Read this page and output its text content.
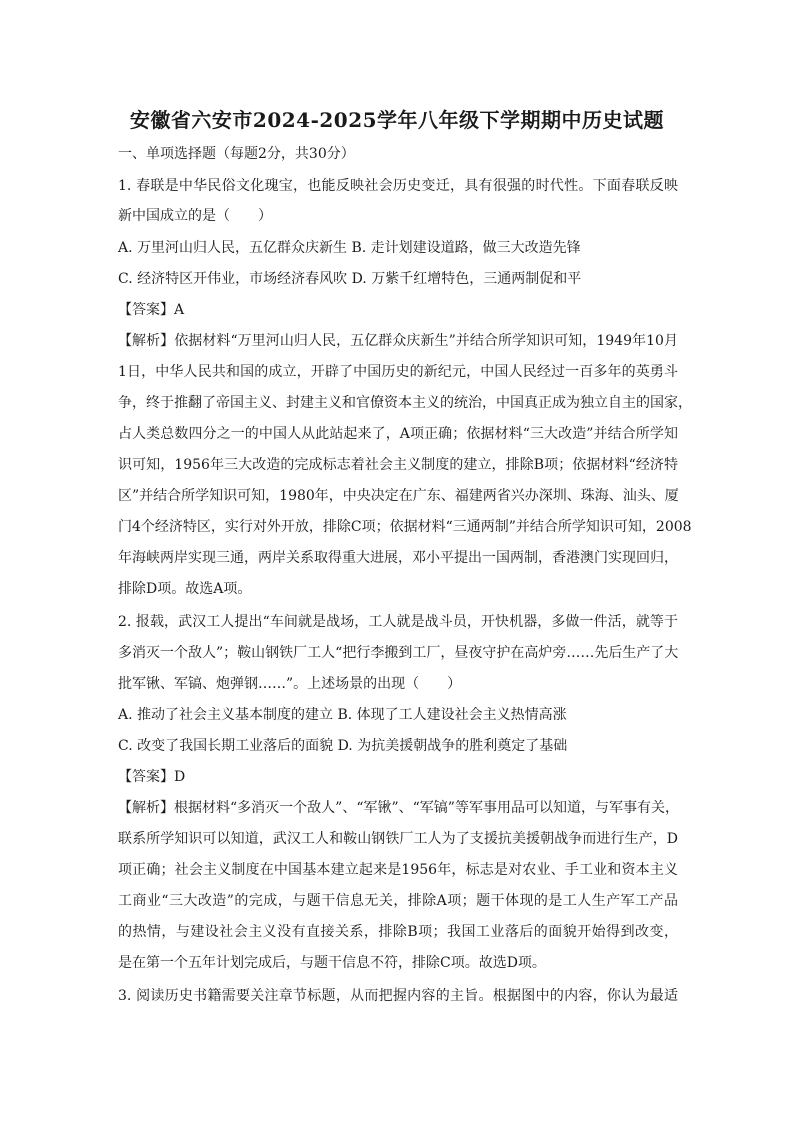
安徽省六安市2024-2025学年八年级下学期期中历史试题
一、单项选择题（每题2分，共30分）
1. 春联是中华民俗文化瑰宝，也能反映社会历史变迁，具有很强的时代性。下面春联反映
新中国成立的是（　　）
A. 万里河山归人民，五亿群众庆新生 B. 走计划建设道路，做三大改造先锋
C. 经济特区开伟业，市场经济春风吹 D. 万紫千红增特色，三通两制促和平
【答案】A
【解析】依据材料“万里河山归人民，五亿群众庆新生”并结合所学知识可知，1949年10月
1日，中华人民共和国的成立，开辟了中国历史的新纪元，中国人民经过一百多年的英勇斗
争，终于推翻了帝国主义、封建主义和官僚资本主义的统治，中国真正成为独立自主的国家，
占人类总数四分之一的中国人从此站起来了，A项正确；依据材料“三大改造”并结合所学知
识可知，1956年三大改造的完成标志着社会主义制度的建立，排除B项；依据材料“经济特
区”并结合所学知识可知，1980年，中央决定在广东、福建两省兴办深圳、珠海、汕头、厦
门4个经济特区，实行对外开放，排除C项；依据材料“三通两制”并结合所学知识可知，2008
年海峡两岸实现三通，两岸关系取得重大进展，邓小平提出一国两制，香港澳门实现回归，
排除D项。故选A项。
2. 报载，武汉工人提出“车间就是战场，工人就是战斗员，开快机器，多做一件活，就等于
多消灭一个敌人”；鞍山钢铁厂工人“把行李搬到工厂，昼夜守护在高炉旁……先后生产了大
批军锹、军镐、炮弹钢……”。上述场景的出现（　　）
A. 推动了社会主义基本制度的建立 B. 体现了工人建设社会主义热情高涨
C. 改变了我国长期工业落后的面貌 D. 为抗美援朝战争的胜利奠定了基础
【答案】D
【解析】根据材料“多消灭一个敌人”、“军锹”、“军镐”等军事用品可以知道，与军事有关，
联系所学知识可以知道，武汉工人和鞍山钢铁厂工人为了支援抗美援朝战争而进行生产，D
项正确；社会主义制度在中国基本建立起来是1956年，标志是对农业、手工业和资本主义
工商业“三大改造”的完成，与题干信息无关，排除A项；题干体现的是工人生产军工产品
的热情，与建设社会主义没有直接关系，排除B项；我国工业落后的面貌开始得到改变，
是在第一个五年计划完成后，与题干信息不符，排除C项。故选D项。
3. 阅读历史书籍需要关注章节标题，从而把握内容的主旨。根据图中的内容，你认为最适
